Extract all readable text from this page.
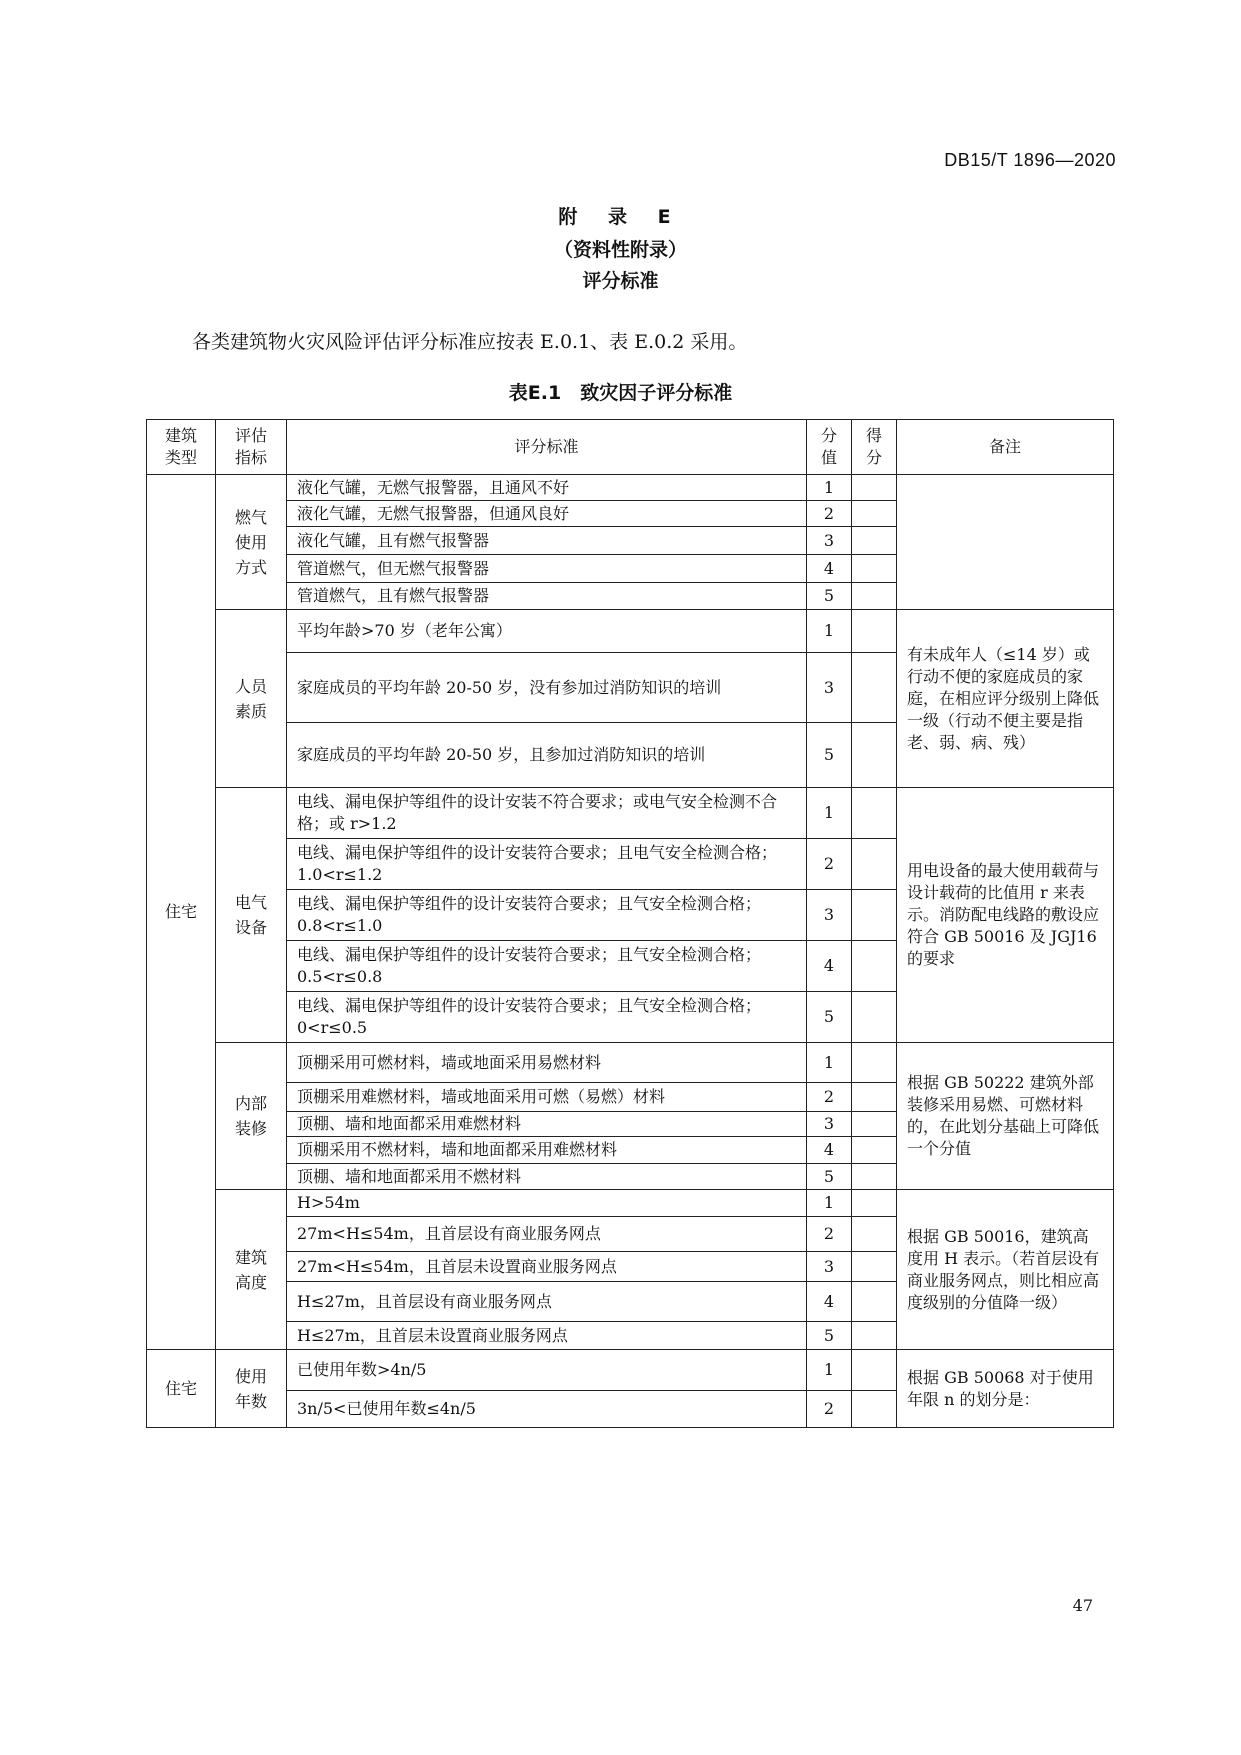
DB15/T 1896—2020
附 录 E
（资料性附录）
评分标准
各类建筑物火灾风险评估评分标准应按表 E.0.1、表 E.0.2 采用。
表E.1　致灾因子评分标准
建筑类型	评估指标	评分标准	分值	得分	备注
住宅	燃气使用方式	液化气罐，无燃气报警器，且通风不好	1		
		液化气罐，无燃气报警器，但通风良好	2		
		液化气罐，且有燃气报警器	3		
		管道燃气，但无燃气报警器	4		
		管道燃气，且有燃气报警器	5		

	人员素质	平均年龄>70 岁（老年公寓）	1		有未成年人（≤14 岁）或行动不便的家庭成员的家庭，在相应评分级别上降低一级（行动不便主要是指老、弱、病、残）
		家庭成员的平均年龄 20-50 岁，没有参加过消防知识的培训	3		
		家庭成员的平均年龄 20-50 岁，且参加过消防知识的培训	5		

	电气设备	电线、漏电保护等组件的设计安装不符合要求；或电气安全检测不合格；或 r>1.2	1		用电设备的最大使用载荷与设计载荷的比值用 r 来表示。消防配电线路的敷设应符合 GB 50016 及 JGJ16 的要求
		电线、漏电保护等组件的设计安装符合要求；且电气安全检测合格；1.0<r≤1.2	2		
		电线、漏电保护等组件的设计安装符合要求；且气安全检测合格；0.8<r≤1.0	3		
		电线、漏电保护等组件的设计安装符合要求；且气安全检测合格；0.5<r≤0.8	4		
		电线、漏电保护等组件的设计安装符合要求；且气安全检测合格；0<r≤0.5	5		

	内部装修	顶棚采用可燃材料，墙或地面采用易燃材料	1		根据 GB 50222 建筑外部装修采用易燃、可燃材料的，在此划分基础上可降低一个分值
		顶棚采用难燃材料，墙或地面采用可燃（易燃）材料	2		
		顶棚、墙和地面都采用难燃材料	3		
		顶棚采用不燃材料，墙和地面都采用难燃材料	4		
		顶棚、墙和地面都采用不燃材料	5		

	建筑高度	H>54m	1		根据 GB 50016，建筑高度用 H 表示。（若首层设有商业服务网点，则比相应高度级别的分值降一级）
		27m<H≤54m，且首层设有商业服务网点	2		
		27m<H≤54m，且首层未设置商业服务网点	3		
		H≤27m，且首层设有商业服务网点	4		
		H≤27m，且首层未设置商业服务网点	5		
住宅	使用年数	已使用年数>4n/5	1		根据 GB 50068 对于使用年限 n 的划分是：
		3n/5<已使用年数≤4n/5	2		
47
